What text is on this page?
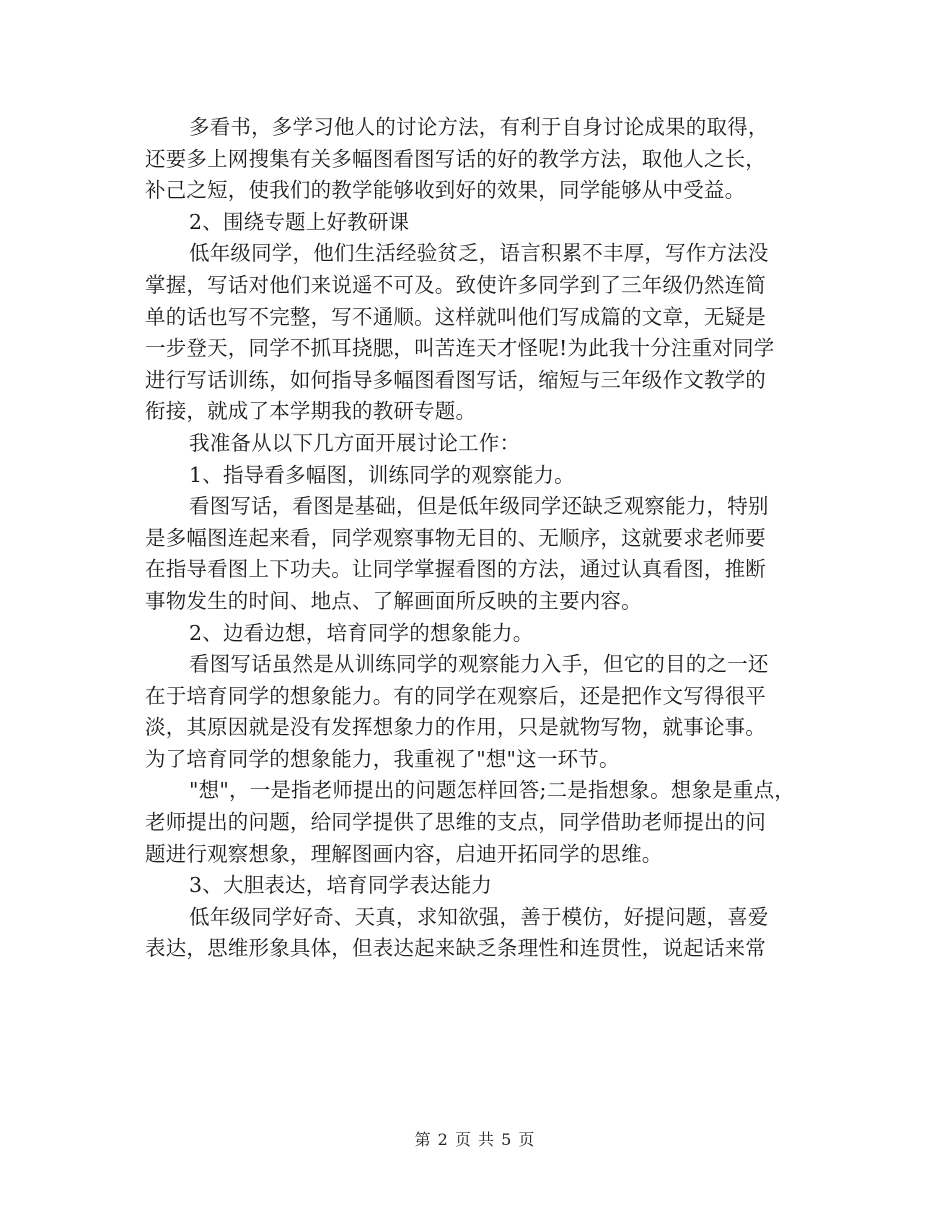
多看书，多学习他人的讨论方法，有利于自身讨论成果的取得，
还要多上网搜集有关多幅图看图写话的好的教学方法，取他人之长，
补己之短，使我们的教学能够收到好的效果，同学能够从中受益。
2、围绕专题上好教研课
低年级同学，他们生活经验贫乏，语言积累不丰厚，写作方法没
掌握，写话对他们来说遥不可及。致使许多同学到了三年级仍然连简
单的话也写不完整，写不通顺。这样就叫他们写成篇的文章，无疑是
一步登天，同学不抓耳挠腮，叫苦连天才怪呢!为此我十分注重对同学
进行写话训练，如何指导多幅图看图写话，缩短与三年级作文教学的
衔接，就成了本学期我的教研专题。
我准备从以下几方面开展讨论工作：
1、指导看多幅图，训练同学的观察能力。
看图写话，看图是基础，但是低年级同学还缺乏观察能力，特别
是多幅图连起来看，同学观察事物无目的、无顺序，这就要求老师要
在指导看图上下功夫。让同学掌握看图的方法，通过认真看图，推断
事物发生的时间、地点、了解画面所反映的主要内容。
2、边看边想，培育同学的想象能力。
看图写话虽然是从训练同学的观察能力入手，但它的目的之一还
在于培育同学的想象能力。有的同学在观察后，还是把作文写得很平
淡，其原因就是没有发挥想象力的作用，只是就物写物，就事论事。
为了培育同学的想象能力，我重视了"想"这一环节。
"想"，一是指老师提出的问题怎样回答;二是指想象。想象是重点，
老师提出的问题，给同学提供了思维的支点，同学借助老师提出的问
题进行观察想象，理解图画内容，启迪开拓同学的思维。
3、大胆表达，培育同学表达能力
低年级同学好奇、天真，求知欲强，善于模仿，好提问题，喜爱
表达，思维形象具体，但表达起来缺乏条理性和连贯性，说起话来常
第 2 页 共 5 页
